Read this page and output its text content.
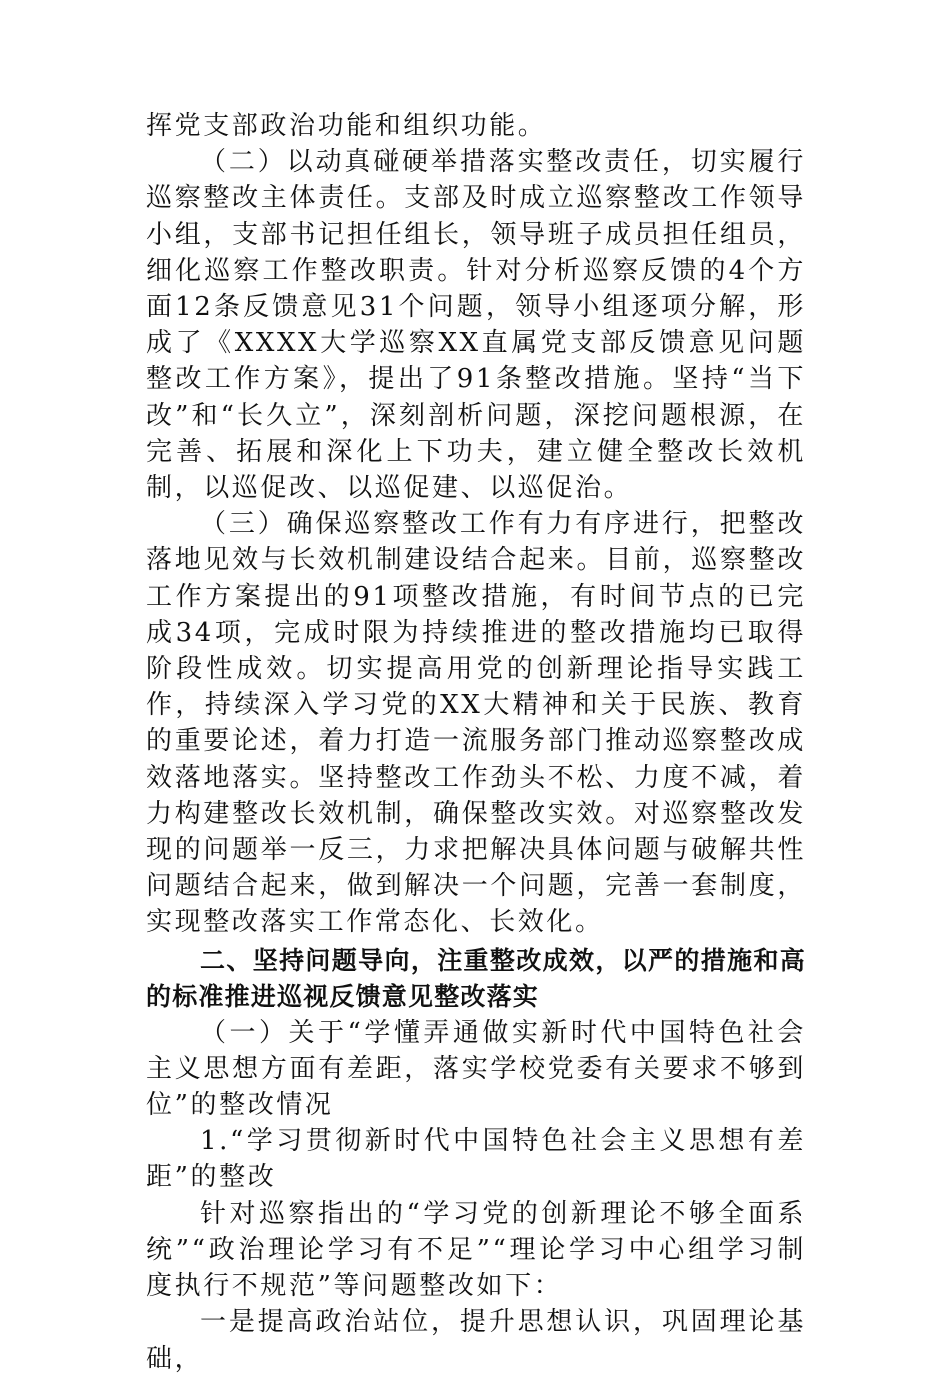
挥党支部政治功能和组织功能。

（二）以动真碰硬举措落实整改责任，切实履行巡察整改主体责任。支部及时成立巡察整改工作领导小组，支部书记担任组长，领导班子成员担任组员，细化巡察工作整改职责。针对分析巡察反馈的4个方面12条反馈意见31个问题，领导小组逐项分解，形成了《XXXX大学巡察XX直属党支部反馈意见问题整改工作方案》，提出了91条整改措施。坚持“当下改”和“长久立”，深刻剖析问题，深挖问题根源，在完善、拓展和深化上下功夫，建立健全整改长效机制，以巡促改、以巡促建、以巡促治。

（三）确保巡察整改工作有力有序进行，把整改落地见效与长效机制建设结合起来。目前，巡察整改工作方案提出的91项整改措施，有时间节点的已完成34项，完成时限为持续推进的整改措施均已取得阶段性成效。切实提高用党的创新理论指导实践工作，持续深入学习党的XX大精神和关于民族、教育的重要论述，着力打造一流服务部门推动巡察整改成效落地落实。坚持整改工作劲头不松、力度不减，着力构建整改长效机制，确保整改实效。对巡察整改发现的问题举一反三，力求把解决具体问题与破解共性问题结合起来，做到解决一个问题，完善一套制度，实现整改落实工作常态化、长效化。

二、坚持问题导向，注重整改成效，以严的措施和高的标准推进巡视反馈意见整改落实

（一）关于“学懂弄通做实新时代中国特色社会主义思想方面有差距，落实学校党委有关要求不够到位”的整改情况

1.“学习贯彻新时代中国特色社会主义思想有差距”的整改

针对巡察指出的“学习党的创新理论不够全面系统”“政治理论学习有不足”“理论学习中心组学习制度执行不规范”等问题整改如下：

一是提高政治站位，提升思想认识，巩固理论基础，
